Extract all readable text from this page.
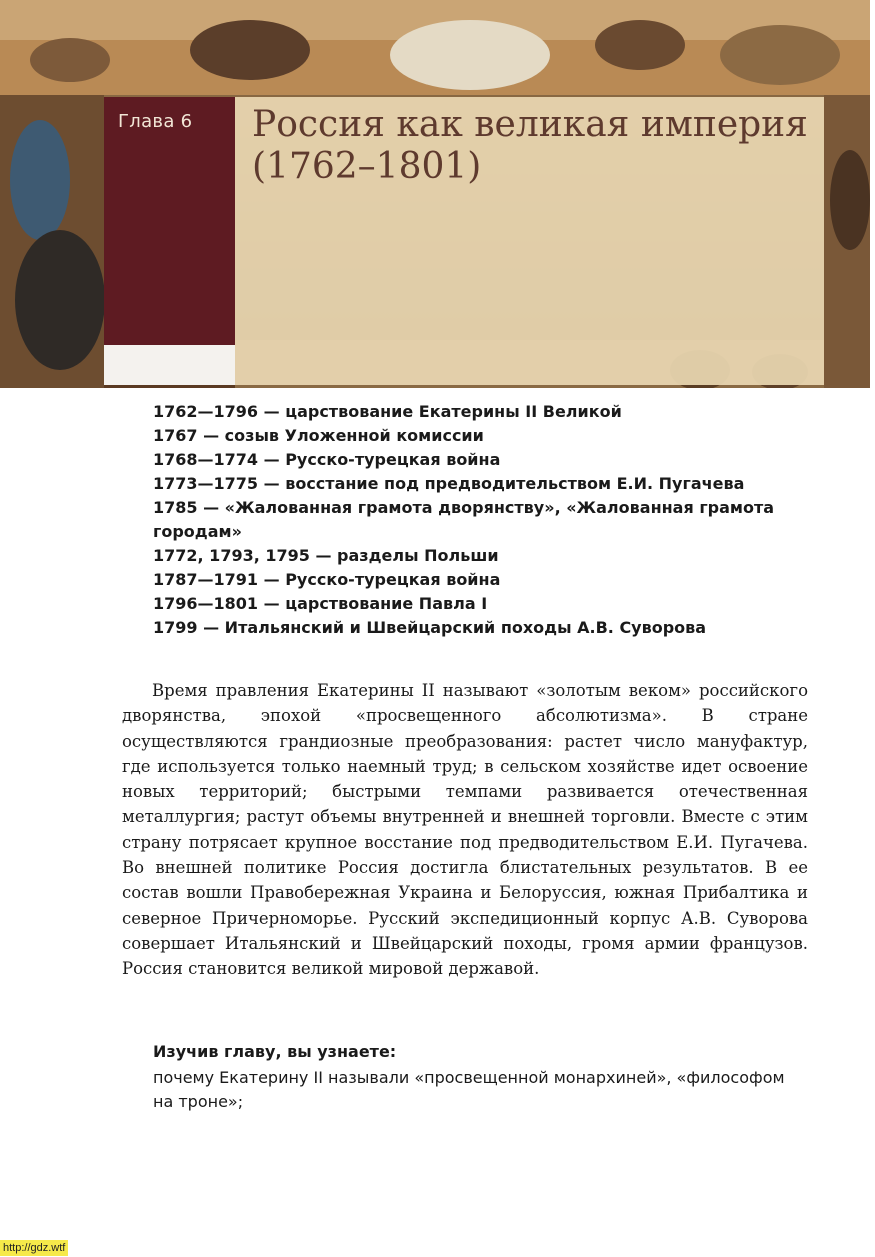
Глава 6 Россия как великая империя (1762–1801)
1762—1796 — царствование Екатерины II Великой
1767 — созыв Уложенной комиссии
1768—1774 — Русско-турецкая война
1773—1775 — восстание под предводительством Е.И. Пугачева
1785 — «Жалованная грамота дворянству», «Жалованная грамота городам»
1772, 1793, 1795 — разделы Польши
1787—1791 — Русско-турецкая война
1796—1801 — царствование Павла I
1799 — Итальянский и Швейцарский походы А.В. Суворова

Время правления Екатерины II называют «золотым веком» российского дворянства, эпохой «просвещенного абсолютизма». В стране осуществляются грандиозные преобразования: растет число мануфактур, где используется только наемный труд; в сельском хозяйстве идет освоение новых территорий; быстрыми темпами развивается отечественная металлургия; растут объемы внутренней и внешней торговли. Вместе с этим страну потрясает крупное восстание под предводительством Е.И. Пугачева. Во внешней политике Россия достигла блистательных результатов. В ее состав вошли Правобережная Украина и Белоруссия, южная Прибалтика и северное Причерноморье. Русский экспедиционный корпус А.В. Суворова совершает Итальянский и Швейцарский походы, громя армии французов. Россия становится великой мировой державой.

Изучив главу, вы узнаете:

почему Екатерину II называли «просвещенной монархиней», «философом на троне»;

http://gdz.wtf
